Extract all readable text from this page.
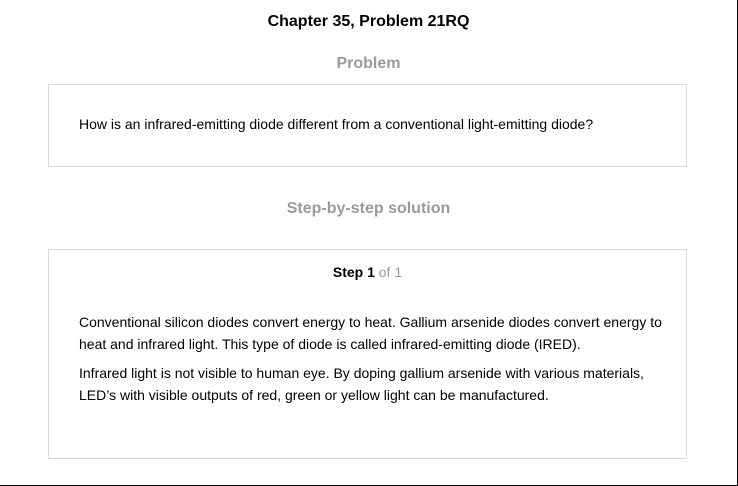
Chapter 35, Problem 21RQ
Problem
How is an infrared-emitting diode different from a conventional light-emitting diode?
Step-by-step solution
Step 1 of 1

Conventional silicon diodes convert energy to heat. Gallium arsenide diodes convert energy to heat and infrared light. This type of diode is called infrared-emitting diode (IRED).

Infrared light is not visible to human eye. By doping gallium arsenide with various materials, LED’s with visible outputs of red, green or yellow light can be manufactured.
